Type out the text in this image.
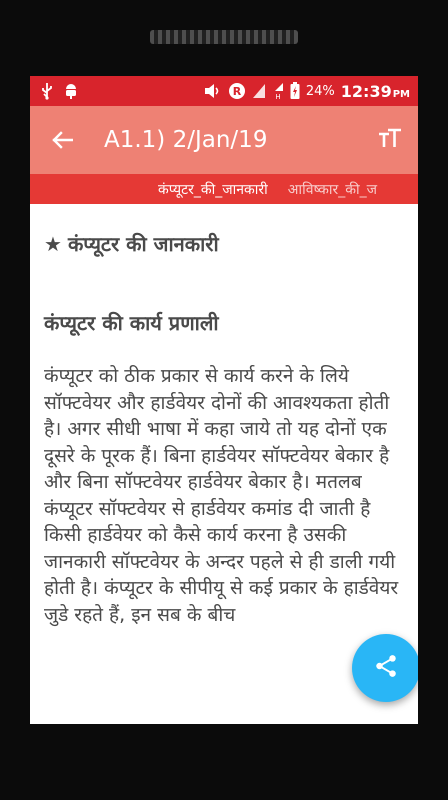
R	H 24% 12:39PM
A1.1) 2/Jan/19
कंप्यूटर_की_जानकारी	आविष्कार_की_ज
★ कंप्यूटर की जानकारी
कंप्यूटर की कार्य प्रणाली
कंप्यूटर को ठीक प्रकार से कार्य करने के लिये सॉफ्टवेयर और हार्डवेयर दोनों की आवश्यकता होती है। अगर सीधी भाषा में कहा जाये तो यह दोनों एक दूसरे के पूरक हैं। बिना हार्डवेयर सॉफ्टवेयर बेकार है और बिना सॉफ्टवेयर हार्डवेयर बेकार है। मतलब कंप्यूटर सॉफ्टवेयर से हार्डवेयर कमांड दी जाती है किसी हार्डवेयर को कैसे कार्य करना है उसकी जानकारी सॉफ्टवेयर के अन्दर पहले से ही डाली गयी होती है। कंप्यूटर के सीपीयू से कई प्रकार के हार्डवेयर जुडे रहते हैं, इन सब के बीच
